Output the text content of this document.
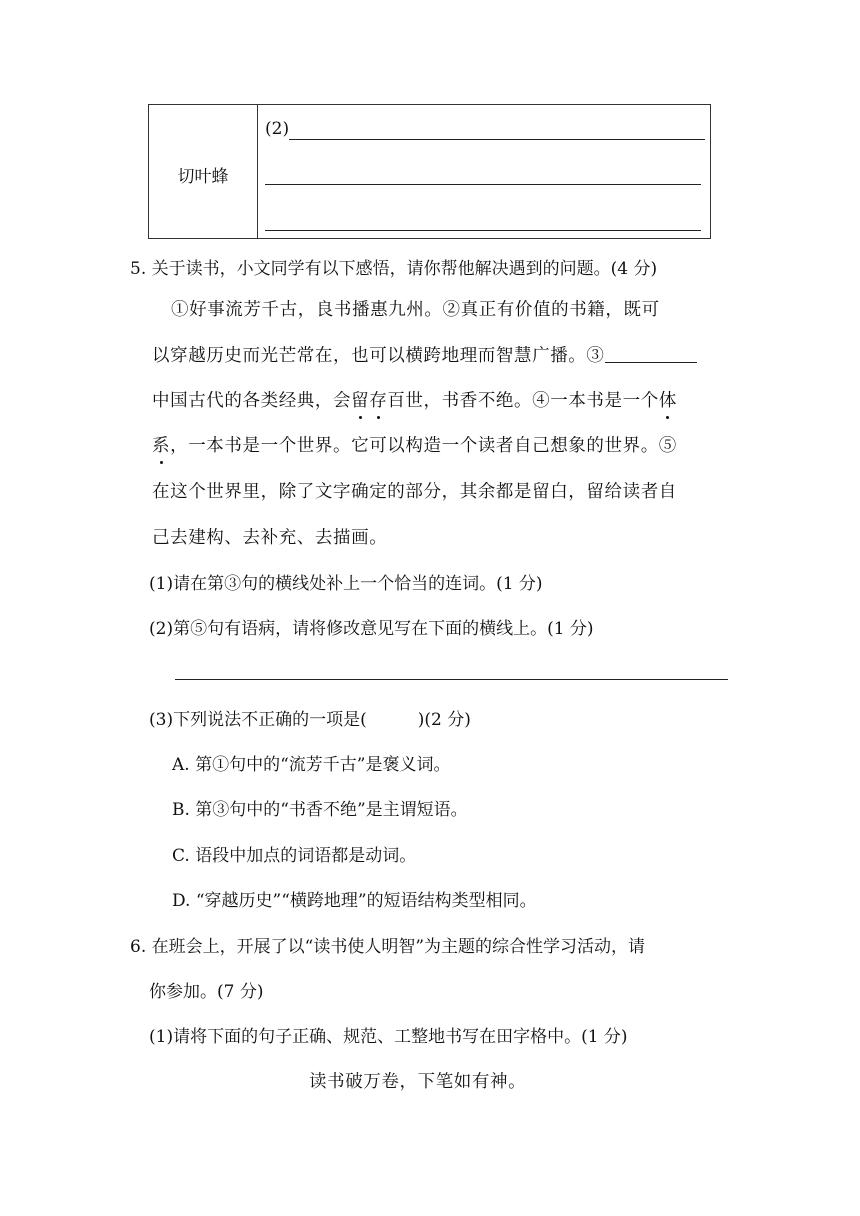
切叶蜂
(2)
5. 关于读书，小文同学有以下感悟，请你帮他解决遇到的问题。(4 分)
①好事流芳千古，良书播惠九州。②真正有价值的书籍，既可
以穿越历史而光芒常在，也可以横跨地理而智慧广播。③
中国古代的各类经典，会留存百世，书香不绝。④一本书是一个体
系，一本书是一个世界。它可以构造一个读者自己想象的世界。⑤
在这个世界里，除了文字确定的部分，其余都是留白，留给读者自
己去建构、去补充、去描画。
(1)请在第③句的横线处补上一个恰当的连词。(1 分)
(2)第⑤句有语病，请将修改意见写在下面的横线上。(1 分)
(3)下列说法不正确的一项是(　　　)(2 分)
A. 第①句中的“流芳千古”是褒义词。
B. 第③句中的“书香不绝”是主谓短语。
C. 语段中加点的词语都是动词。
D. “穿越历史”“横跨地理”的短语结构类型相同。
6. 在班会上，开展了以“读书使人明智”为主题的综合性学习活动，请
你参加。(7 分)
(1)请将下面的句子正确、规范、工整地书写在田字格中。(1 分)
读书破万卷，下笔如有神。
